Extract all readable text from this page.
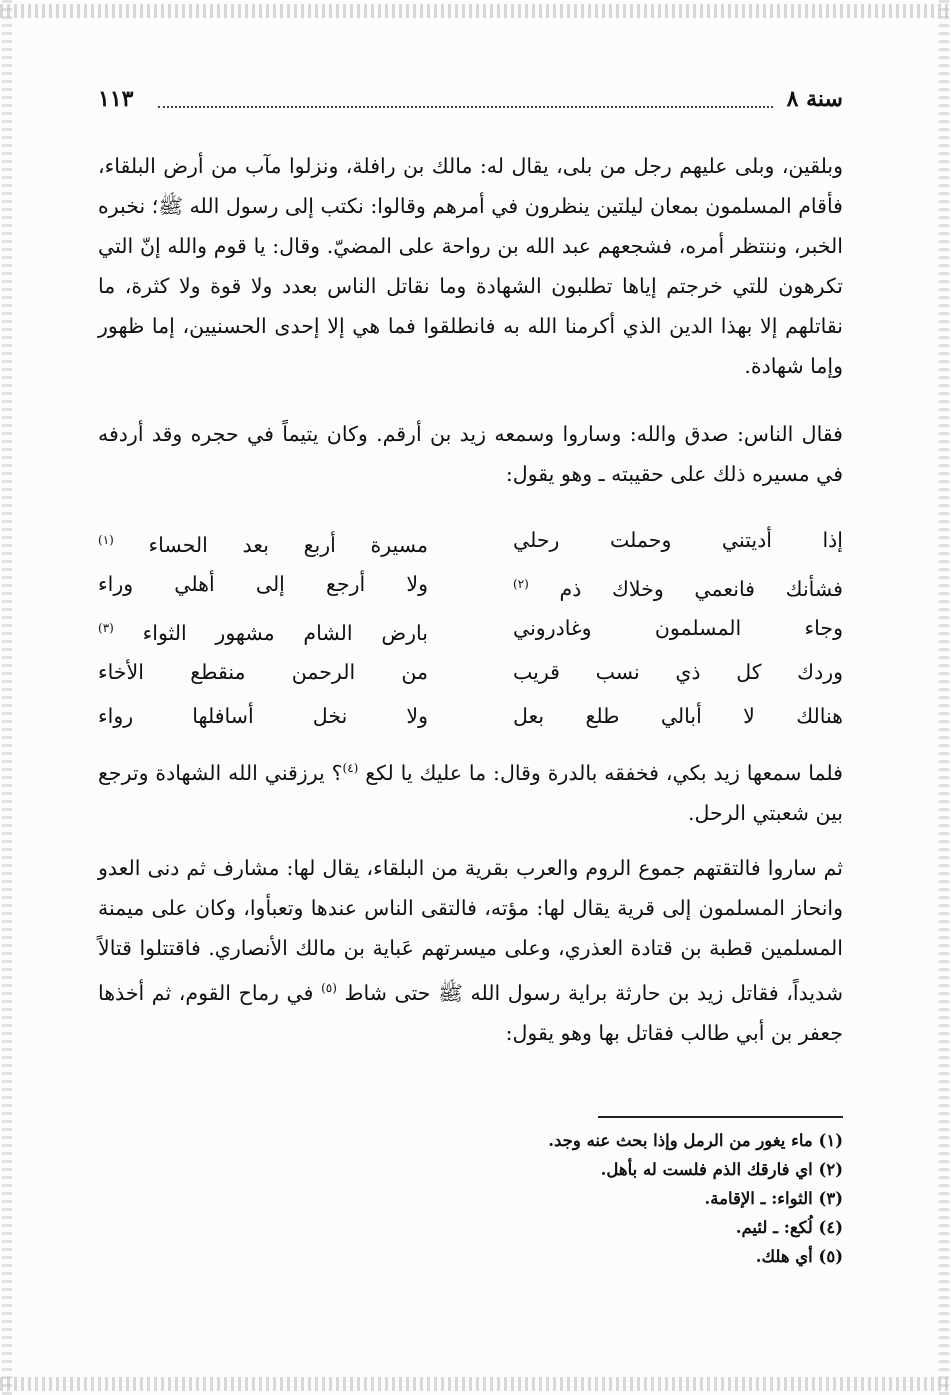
سنة ٨
١١٣

وبلقين، وبلى عليهم رجل من بلى، يقال له: مالك بن رافلة، ونزلوا مآب من أرض البلقاء، فأقام المسلمون بمعان ليلتين ينظرون في أمرهم وقالوا: نكتب إلى رسول الله ﷺ؛ نخبره الخبر، وننتظر أمره، فشجعهم عبد الله بن رواحة على المضيّ. وقال: يا قوم والله إنّ التي تكرهون للتي خرجتم إياها تطلبون الشهادة وما نقاتل الناس بعدد ولا قوة ولا كثرة، ما نقاتلهم إلا بهذا الدين الذي أكرمنا الله به فانطلقوا فما هي إلا إحدى الحسنيين، إما ظهور وإما شهادة.

فقال الناس: صدق والله: وساروا وسمعه زيد بن أرقم. وكان يتيماً في حجره وقد أردفه في مسيره ذلك على حقيبته ـ وهو يقول:

إذا أديتني وحملت رحلي
مسيرة أربع بعد الحساء $^{(١)}$
فشأنك فانعمي وخلاك ذم $^{(٢)}$
ولا أرجع إلى أهلي وراء
وجاء المسلمون وغادروني
بارض الشام مشهور الثواء $^{(٣)}$
وردك كل ذي نسب قريب
من الرحمن منقطع الأخاء
هنالك لا أبالي طلع بعل
ولا نخل أسافلها رواء

فلما سمعها زيد بكي، فخفقه بالدرة وقال: ما عليك يا لكع $^{(٤)}$؟ يرزقني الله الشهادة وترجع بين شعبتي الرحل.

ثم ساروا فالتقتهم جموع الروم والعرب بقرية من البلقاء، يقال لها: مشارف ثم دنى العدو وانحاز المسلمون إلى قرية يقال لها: مؤته، فالتقى الناس عندها وتعبأوا، وكان على ميمنة المسلمين قطبة بن قتادة العذري، وعلى ميسرتهم عَباية بن مالك الأنصاري. فاقتتلوا قتالاً شديداً، فقاتل زيد بن حارثة براية رسول الله ﷺ حتى شاط $^{(٥)}$ في رماح القوم، ثم أخذها جعفر بن أبي طالب فقاتل بها وهو يقول:

(١) ماء يغور من الرمل وإذا بحث عنه وجد.
(٢) اي فارقك الذم فلست له بأهل.
(٣) الثواء: ـ الإقامة.
(٤) لُكع: ـ لئيم.
(٥) أي هلك.
